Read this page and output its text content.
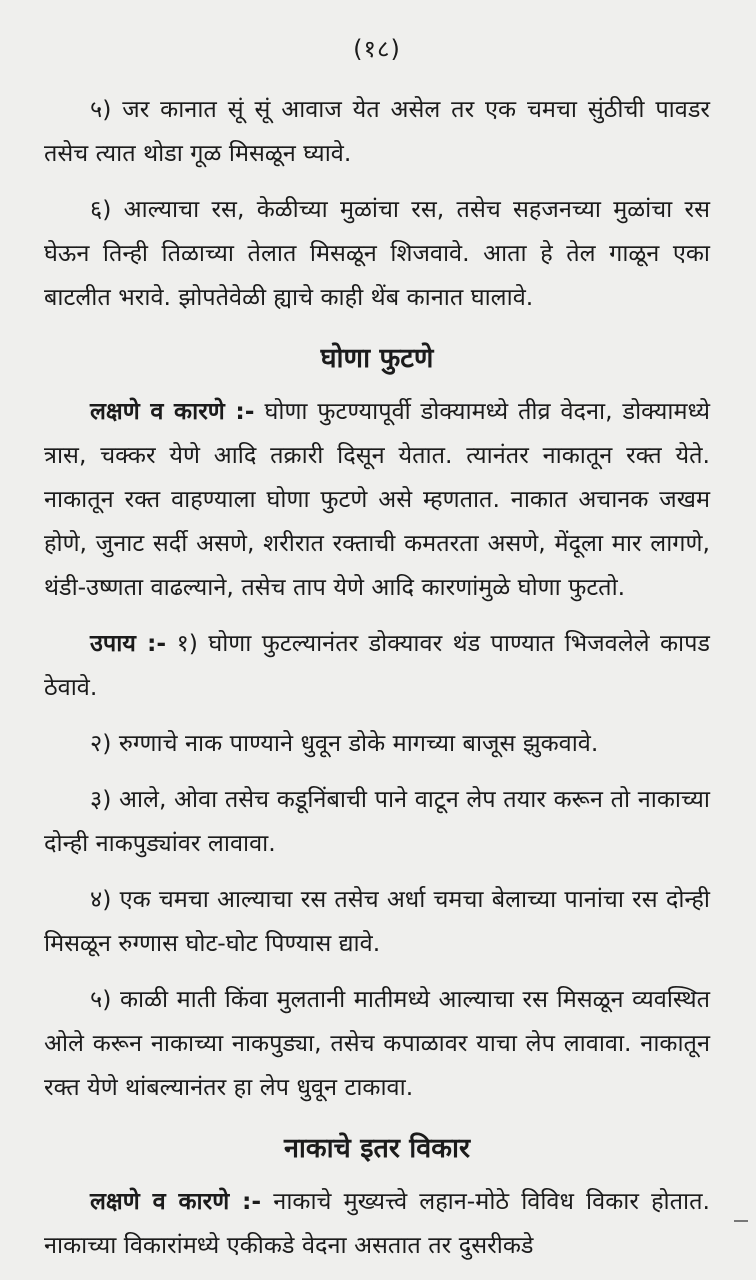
(१८)

५) जर कानात सूं सूं आवाज येत असेल तर एक चमचा सुंठीची पावडर तसेच त्यात थोडा गूळ मिसळून घ्यावे.

६) आल्याचा रस, केळीच्या मुळांचा रस, तसेच सहजनच्या मुळांचा रस घेऊन तिन्ही तिळाच्या तेलात मिसळून शिजवावे. आता हे तेल गाळून एका बाटलीत भरावे. झोपतेवेळी ह्याचे काही थेंब कानात घालावे.

घोणा फुटणे

लक्षणे व कारणे :- घोणा फुटण्यापूर्वी डोक्यामध्ये तीव्र वेदना, डोक्यामध्ये त्रास, चक्कर येणे आदि तक्रारी दिसून येतात. त्यानंतर नाकातून रक्त येते. नाकातून रक्त वाहण्याला घोणा फुटणे असे म्हणतात. नाकात अचानक जखम होणे, जुनाट सर्दी असणे, शरीरात रक्ताची कमतरता असणे, मेंदूला मार लागणे, थंडी-उष्णता वाढल्याने, तसेच ताप येणे आदि कारणांमुळे घोणा फुटतो.

उपाय :- १) घोणा फुटल्यानंतर डोक्यावर थंड पाण्यात भिजवलेले कापड ठेवावे.

२) रुग्णाचे नाक पाण्याने धुवून डोके मागच्या बाजूस झुकवावे.

३) आले, ओवा तसेच कडूनिंबाची पाने वाटून लेप तयार करून तो नाकाच्या दोन्ही नाकपुड्यांवर लावावा.

४) एक चमचा आल्याचा रस तसेच अर्धा चमचा बेलाच्या पानांचा रस दोन्ही मिसळून रुग्णास घोट-घोट पिण्यास द्यावे.

५) काळी माती किंवा मुलतानी मातीमध्ये आल्याचा रस मिसळून व्यवस्थित ओले करून नाकाच्या नाकपुड्या, तसेच कपाळावर याचा लेप लावावा. नाकातून रक्त येणे थांबल्यानंतर हा लेप धुवून टाकावा.

नाकाचे इतर विकार

लक्षणे व कारणे :- नाकाचे मुख्यत्त्वे लहान-मोठे विविध विकार होतात. नाकाच्या विकारांमध्ये एकीकडे वेदना असतात तर दुसरीकडे
